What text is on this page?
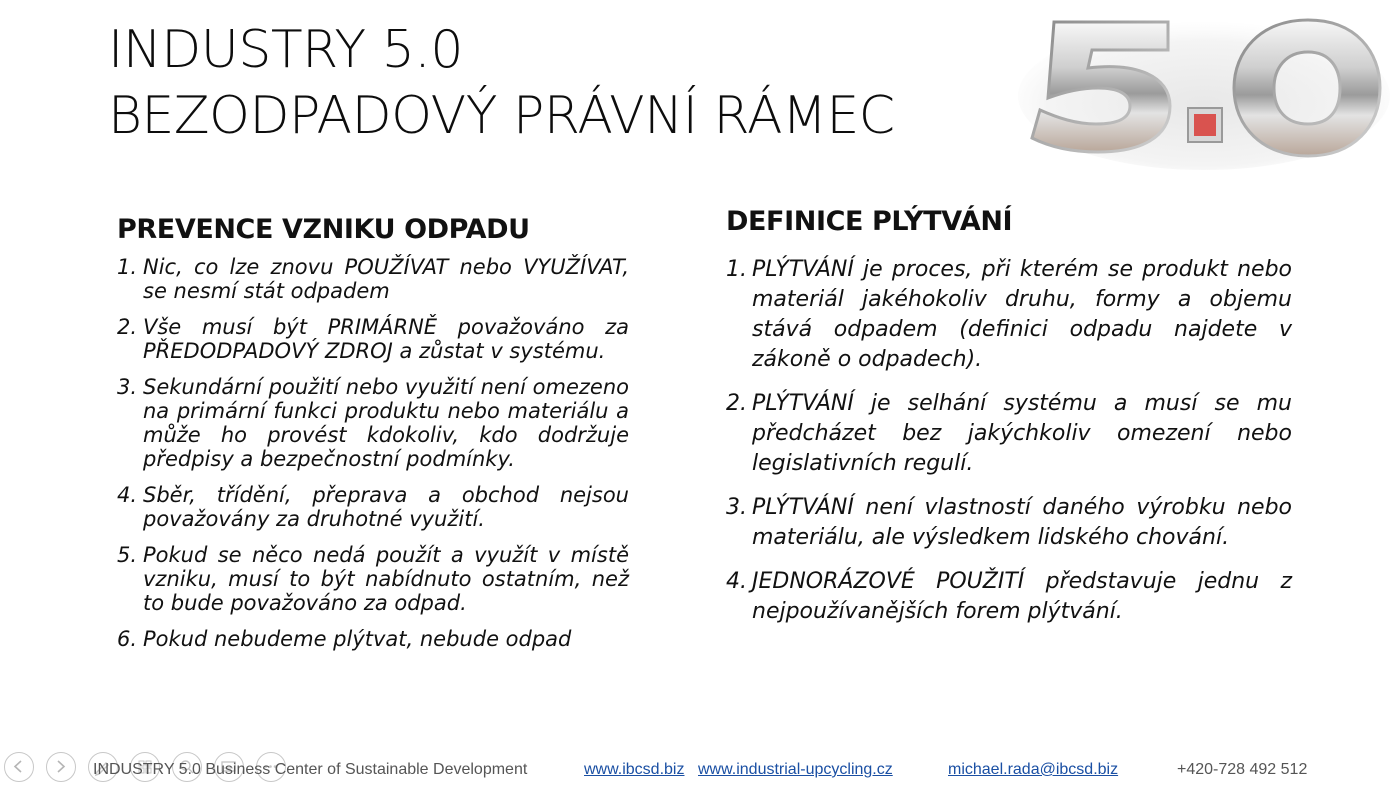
INDUSTRY 5.0
BEZODPADOVÝ PRÁVNÍ RÁMEC
PREVENCE VZNIKU ODPADU
1. Nic, co lze znovu POUŽÍVAT nebo VYUŽÍVAT, se nesmí stát odpadem
2. Vše musí být PRIMÁRNĚ považováno za PŘEDODPADOVÝ ZDROJ a zůstat v systému.
3. Sekundární použití nebo využití není omezeno na primární funkci produktu nebo materiálu a může ho provést kdokoliv, kdo dodržuje předpisy a bezpečnostní podmínky.
4. Sběr, třídění, přeprava a obchod nejsou považovány za druhotné využití.
5. Pokud se něco nedá použít a využít v místě vzniku, musí to být nabídnuto ostatním, než to bude považováno za odpad.
6. Pokud nebudeme plýtvat, nebude odpad
DEFINICE PLÝTVÁNÍ
1. PLÝTVÁNÍ je proces, při kterém se produkt nebo materiál jakéhokoliv druhu, formy a objemu stává odpadem (definici odpadu najdete v zákoně o odpadech).
2. PLÝTVÁNÍ je selhání systému a musí se mu předcházet bez jakýchkoliv omezení nebo legislativních regulí.
3. PLÝTVÁNÍ není vlastností daného výrobku nebo materiálu, ale výsledkem lidského chování.
4. JEDNORÁZOVÉ POUŽITÍ představuje jednu z nejpoužívanějších forem plýtvání.
INDUSTRY 5.0 Business Center of Sustainable Development	www.ibcsd.biz www.industrial-upcycling.cz	michael.rada@ibcsd.biz	+420-728 492 512
